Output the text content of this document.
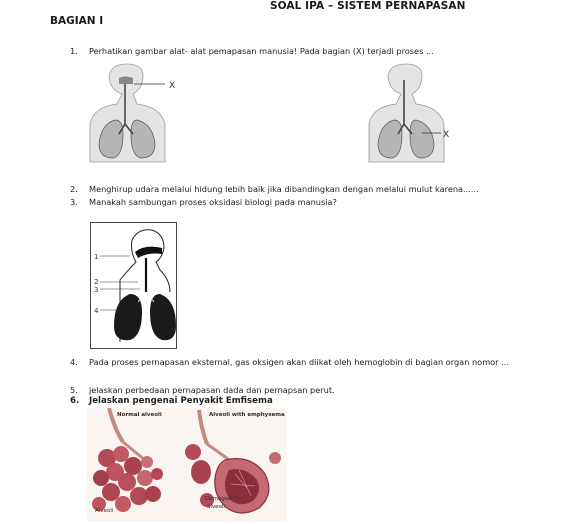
SOAL IPA – SISTEM PERNAPASAN
BAGIAN I
1. Perhatikan gambar alat- alat pemapasan manusia! Pada bagian (X) terjadi proses ...
X
X
2. Menghirup udara melalui hidung lebih baik jika dibandingkan dengan melalui mulut karena......
3. Manakah sambungan proses oksidasi biologi pada manusia?
1
2
3
4
4. Pada proses pernapasan eksternal, gas oksigen akan diikat oleh hemoglobin di bagian organ nomor ...
5. jelaskan perbedaan pernapasan dada dan pernapsan perut.
6. Jelaskan pengenai Penyakit Emfisema
Normal alveoli	Alveoli with emphysema
Alveoli
Damaged
alveoli
